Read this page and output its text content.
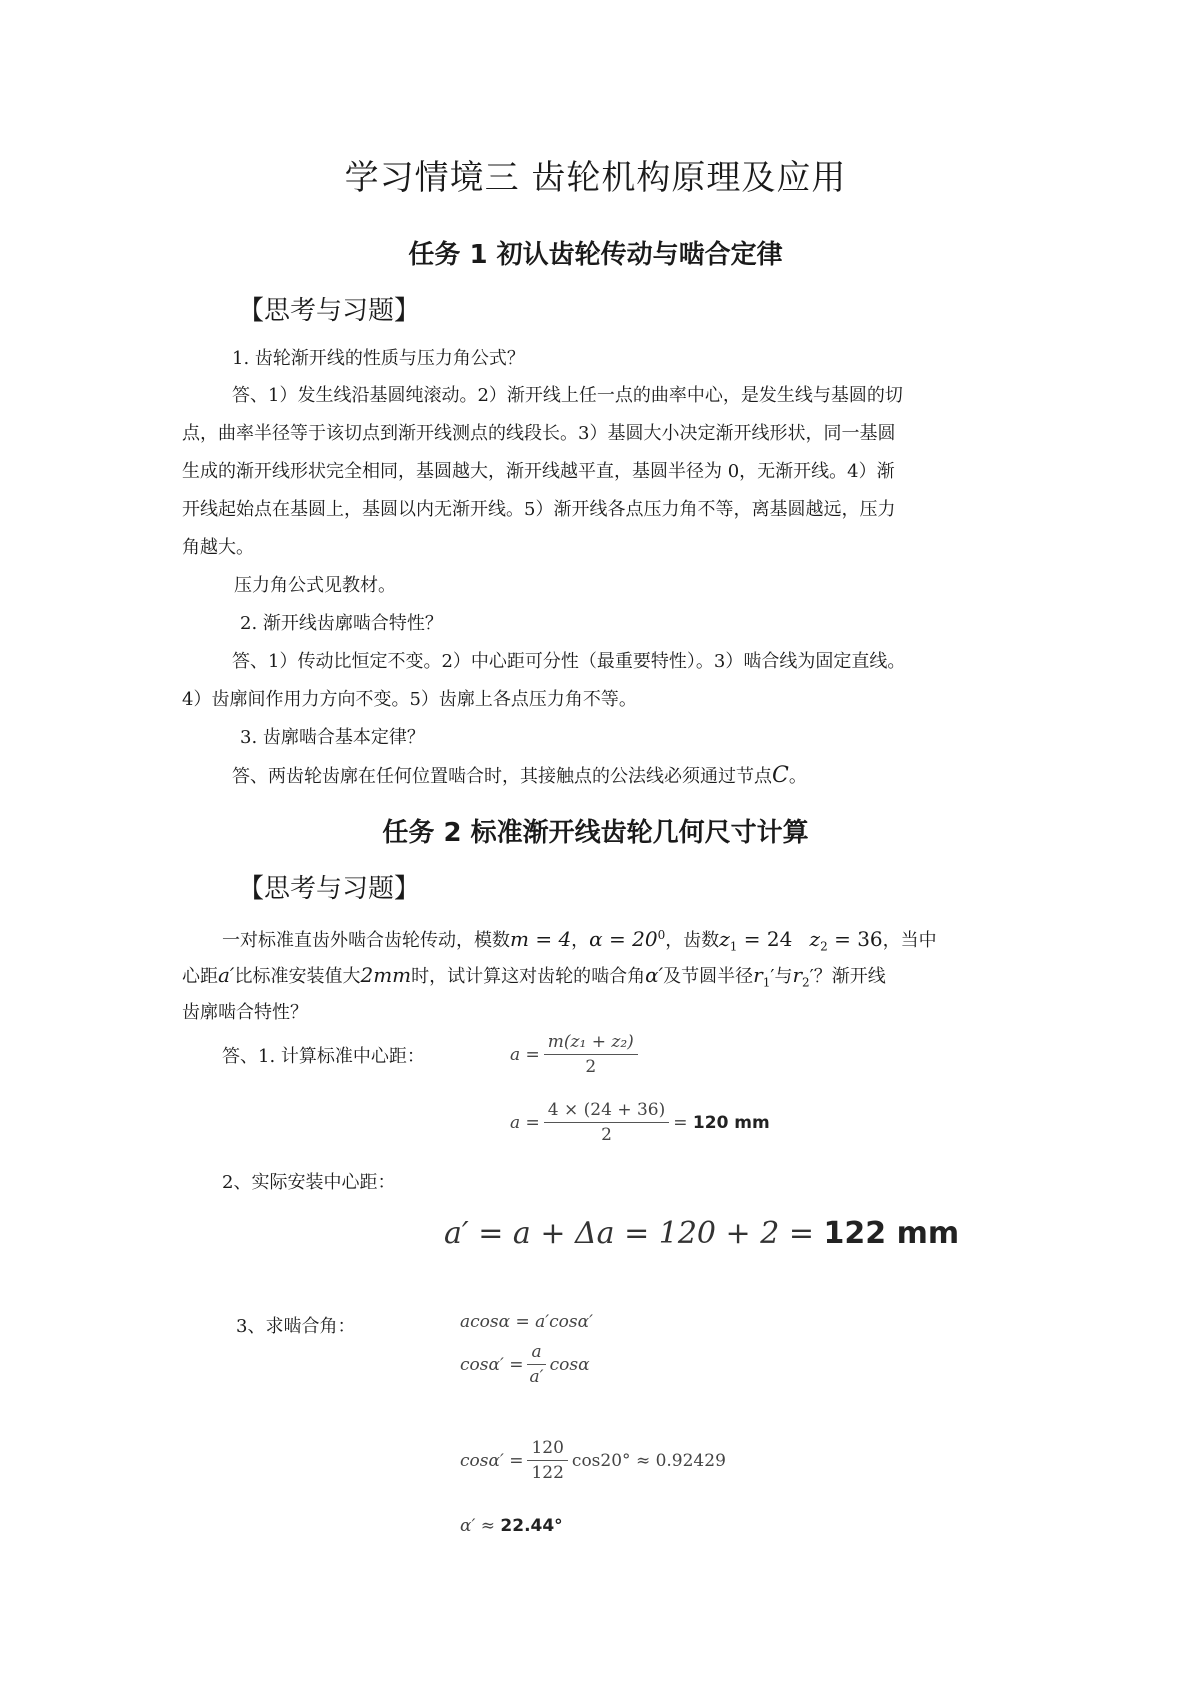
学习情境三 齿轮机构原理及应用
任务 1 初认齿轮传动与啮合定律
【思考与习题】
1. 齿轮渐开线的性质与压力角公式？
答、1）发生线沿基圆纯滚动。2）渐开线上任一点的曲率中心，是发生线与基圆的切
点，曲率半径等于该切点到渐开线测点的线段长。3）基圆大小决定渐开线形状，同一基圆
生成的渐开线形状完全相同，基圆越大，渐开线越平直，基圆半径为 0，无渐开线。4）渐
开线起始点在基圆上，基圆以内无渐开线。5）渐开线各点压力角不等，离基圆越远，压力
角越大。
压力角公式见教材。
2. 渐开线齿廓啮合特性？
答、1）传动比恒定不变。2）中心距可分性（最重要特性）。3）啮合线为固定直线。
4）齿廓间作用力方向不变。5）齿廓上各点压力角不等。
3. 齿廓啮合基本定律？
答、两齿轮齿廓在任何位置啮合时，其接触点的公法线必须通过节点C。
任务 2 标准渐开线齿轮几何尺寸计算
【思考与习题】
一对标准直齿外啮合齿轮传动，模数m = 4，$\alpha = 20^0$，齿数$z_1 = 24$ $z_2 = 36$，当中
心距a′比标准安装值大2mm时，试计算这对齿轮的啮合角α′及节圆半径$r_1'$与$r_2'$？渐开线
齿廓啮合特性？
答、1. 计算标准中心距：	$a = \frac{\text{m(z₁ + z₂)}}{2}$
$a = \frac{4 \times (24 + 36)}{2}$ =
120 mm
2、实际安装中心距：
a′ = a + Δa = 120 + 2 =
122 mm
3、求啮合角：	acosα = a′cosα′
$\cos\alpha' = \frac{a}{a'}$ cosα
$\cos\alpha' = \frac{120}{122} \cos 20^\circ \approx 0.92429$
α′ ≈
22.44°
